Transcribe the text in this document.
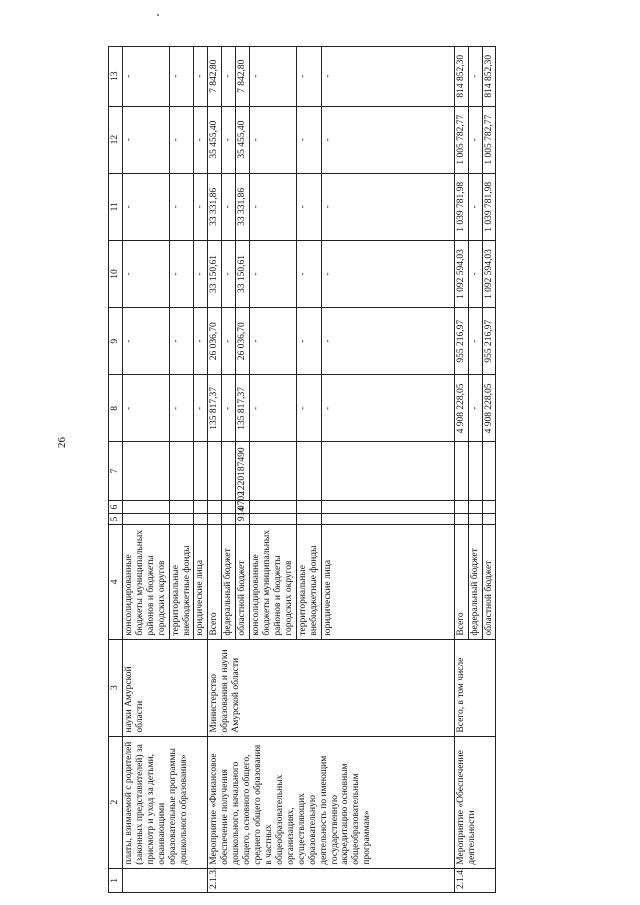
26
1	2	3	4	5	6	7	8	9	10	11	12	13
	платы, взимаемой с родителей (законных представителей) за присмотр и уход за детьми, осваивающими образовательные программы дошкольного образования»	науки Амурской области	консолидированные бюджеты муниципальных районов и бюджеты городских округов				-	-	-	-	-	-
			территориальные внебюджетные фонды				-	-	-	-	-	-
			юридические лица				-	-	-	-	-	-
2.1.3.	Мероприятие «Финансовое обеспечение получения дошкольного, начального общего, основного общего, среднего общего образования в частных общеобразовательных организациях, осуществляющих образовательную деятельность по имеющим государственную аккредитацию основным общеобразовательным программам»	Министерство образования и науки Амурской области	Всего				135 817,37	26 036,70	33 150,61	33 331,86	35 455,40	7 842,80
			федеральный бюджет				-	-	-	-	-	-
			областной бюджет	914	0702	1220187490	135 817,37	26 036,70	33 150,61	33 331,86	35 455,40	7 842,80
			консолидированные бюджеты муниципальных районов и бюджеты городских округов				-	-	-	-	-	-
			территориальные внебюджетные фонды				-	-	-	-	-	-
			юридические лица				-	-	-	-	-	-
2.1.4.	Мероприятие «Обеспечение деятельности	Всего, в том числе	Всего				4 908 228,05	955 216,97	1 092 594,03	1 039 781,98	1 005 782,77	814 852,30
			федеральный бюджет				-	-	-	-	-	-
			областной бюджет				4 908 228,05	955 216,97	1 092 594,03	1 039 781,98	1 005 782,77	814 852,30
